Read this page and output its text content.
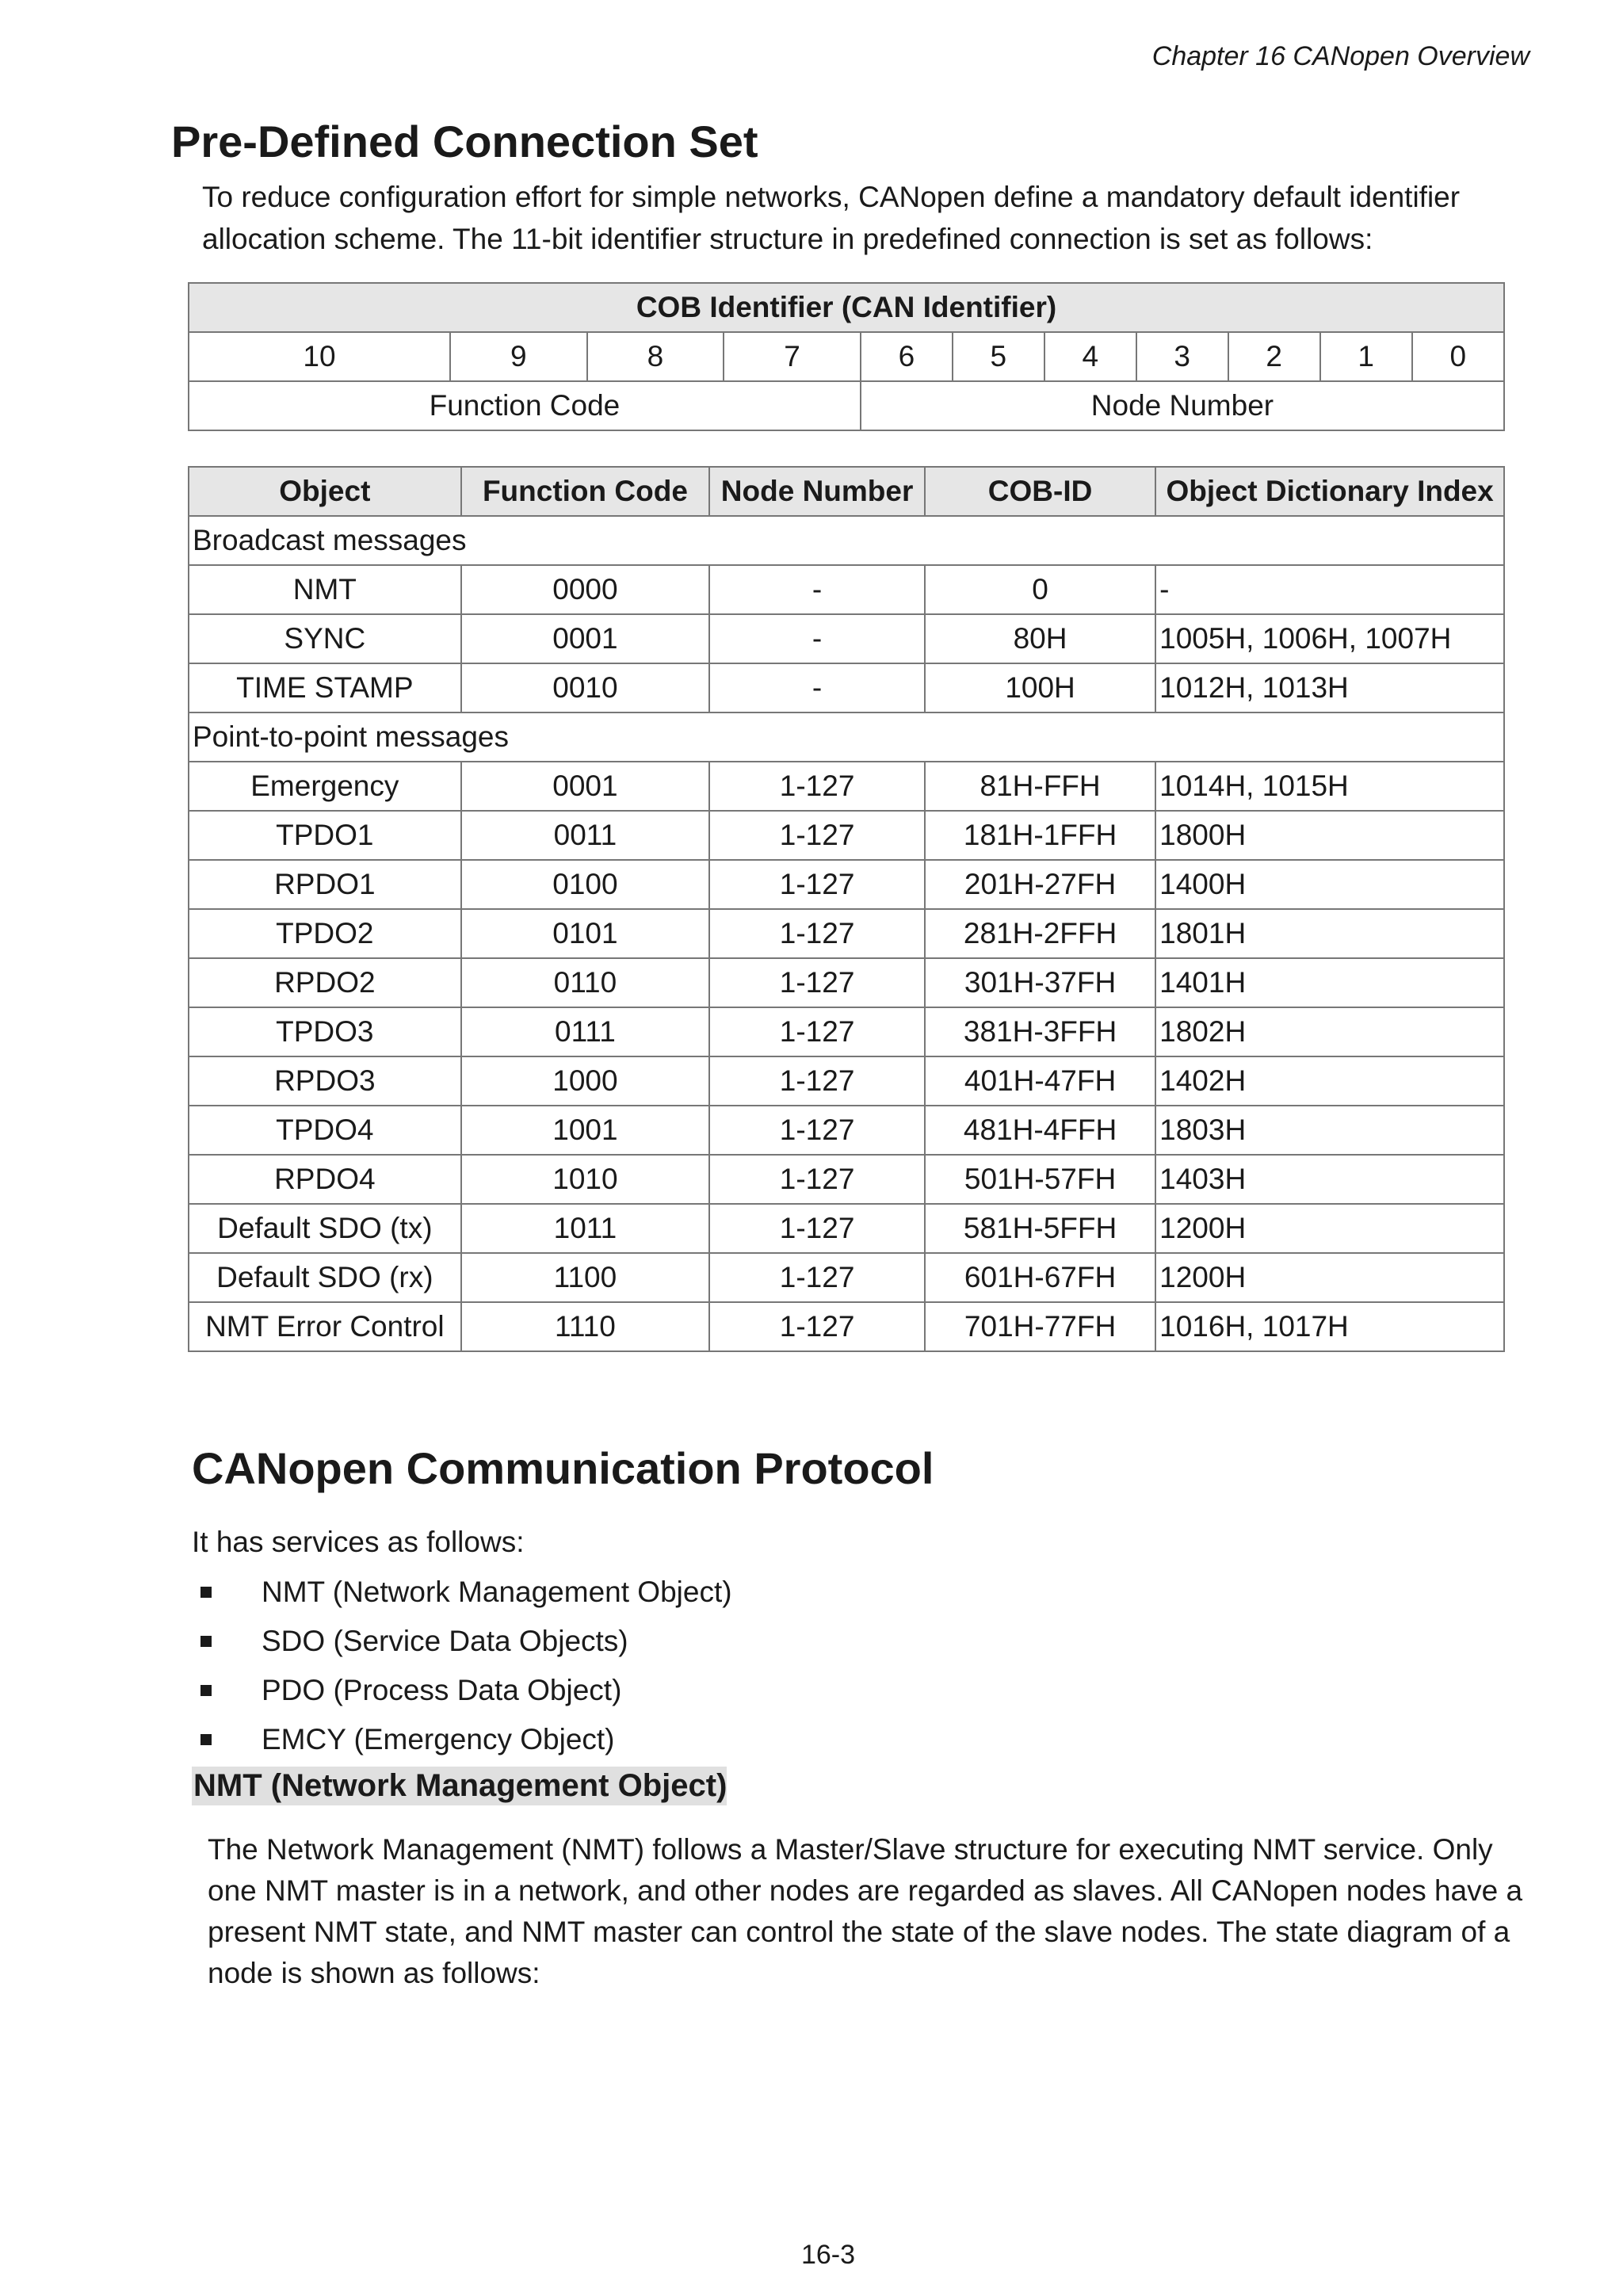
Chapter 16 CANopen Overview
Pre-Defined Connection Set

To reduce configuration effort for simple networks, CANopen define a mandatory default identifier allocation scheme. The 11-bit identifier structure in predefined connection is set as follows:

COB Identifier (CAN Identifier)										
10	9	8	7	6	5	4	3	2	1	0
Function Code				Node Number						
Object	Function Code	Node Number	COB-ID	Object Dictionary Index
Broadcast messages				
NMT	0000	-	0	-
SYNC	0001	-	80H	1005H, 1006H, 1007H
TIME STAMP	0010	-	100H	1012H, 1013H
Point-to-point messages				
Emergency	0001	1-127	81H-FFH	1014H, 1015H
TPDO1	0011	1-127	181H-1FFH	1800H
RPDO1	0100	1-127	201H-27FH	1400H
TPDO2	0101	1-127	281H-2FFH	1801H
RPDO2	0110	1-127	301H-37FH	1401H
TPDO3	0111	1-127	381H-3FFH	1802H
RPDO3	1000	1-127	401H-47FH	1402H
TPDO4	1001	1-127	481H-4FFH	1803H
RPDO4	1010	1-127	501H-57FH	1403H
Default SDO (tx)	1011	1-127	581H-5FFH	1200H
Default SDO (rx)	1100	1-127	601H-67FH	1200H
NMT Error Control	1110	1-127	701H-77FH	1016H, 1017H
CANopen Communication Protocol

It has services as follows:

NMT (Network Management Object)
SDO (Service Data Objects)
PDO (Process Data Object)
EMCY (Emergency Object)
NMT (Network Management Object)

The Network Management (NMT) follows a Master/Slave structure for executing NMT service. Only one NMT master is in a network, and other nodes are regarded as slaves. All CANopen nodes have a present NMT state, and NMT master can control the state of the slave nodes. The state diagram of a node is shown as follows:

16-3
